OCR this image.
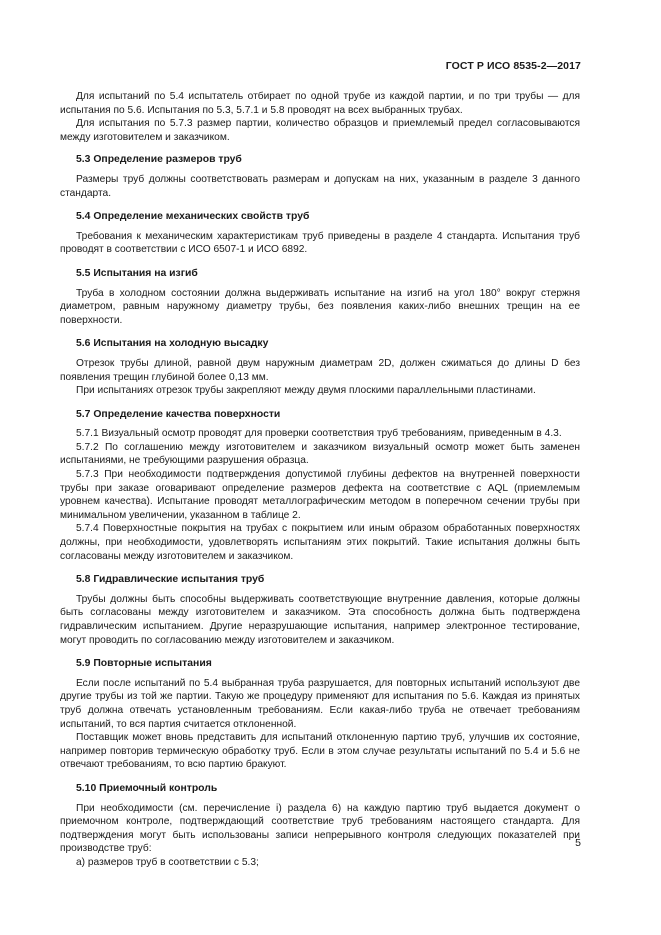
ГОСТ Р ИСО 8535-2—2017

Для испытаний по 5.4 испытатель отбирает по одной трубе из каждой партии, и по три трубы — для испытания по 5.6. Испытания по 5.3, 5.7.1 и 5.8 проводят на всех выбранных трубах.

Для испытания по 5.7.3 размер партии, количество образцов и приемлемый предел согласовываются между изготовителем и заказчиком.

5.3 Определение размеров труб

Размеры труб должны соответствовать размерам и допускам на них, указанным в разделе 3 данного стандарта.

5.4 Определение механических свойств труб

Требования к механическим характеристикам труб приведены в разделе 4 стандарта. Испытания труб проводят в соответствии с ИСО 6507-1 и ИСО 6892.

5.5 Испытания на изгиб

Труба в холодном состоянии должна выдерживать испытание на изгиб на угол 180° вокруг стержня диаметром, равным наружному диаметру трубы, без появления каких-либо внешних трещин на ее поверхности.

5.6 Испытания на холодную высадку

Отрезок трубы длиной, равной двум наружным диаметрам 2D, должен сжиматься до длины D без появления трещин глубиной более 0,13 мм.

При испытаниях отрезок трубы закрепляют между двумя плоскими параллельными пластинами.

5.7 Определение качества поверхности

5.7.1 Визуальный осмотр проводят для проверки соответствия труб требованиям, приведенным в 4.3.

5.7.2 По соглашению между изготовителем и заказчиком визуальный осмотр может быть заменен испытаниями, не требующими разрушения образца.

5.7.3 При необходимости подтверждения допустимой глубины дефектов на внутренней поверхности трубы при заказе оговаривают определение размеров дефекта на соответствие с AQL (приемлемым уровнем качества). Испытание проводят металлографическим методом в поперечном сечении трубы при минимальном увеличении, указанном в таблице 2.

5.7.4 Поверхностные покрытия на трубах с покрытием или иным образом обработанных поверхностях должны, при необходимости, удовлетворять испытаниям этих покрытий. Такие испытания должны быть согласованы между изготовителем и заказчиком.

5.8 Гидравлические испытания труб

Трубы должны быть способны выдерживать соответствующие внутренние давления, которые должны быть согласованы между изготовителем и заказчиком. Эта способность должна быть подтверждена гидравлическим испытанием. Другие неразрушающие испытания, например электронное тестирование, могут проводить по согласованию между изготовителем и заказчиком.

5.9 Повторные испытания

Если после испытаний по 5.4 выбранная труба разрушается, для повторных испытаний используют две другие трубы из той же партии. Такую же процедуру применяют для испытания по 5.6. Каждая из принятых труб должна отвечать установленным требованиям. Если какая-либо труба не отвечает требованиям испытаний, то вся партия считается отклоненной.

Поставщик может вновь представить для испытаний отклоненную партию труб, улучшив их состояние, например повторив термическую обработку труб. Если в этом случае результаты испытаний по 5.4 и 5.6 не отвечают требованиям, то всю партию бракуют.

5.10 Приемочный контроль

При необходимости (см. перечисление i) раздела 6) на каждую партию труб выдается документ о приемочном контроле, подтверждающий соответствие труб требованиям настоящего стандарта. Для подтверждения могут быть использованы записи непрерывного контроля следующих показателей при производстве труб:

a) размеров труб в соответствии с 5.3;

5
